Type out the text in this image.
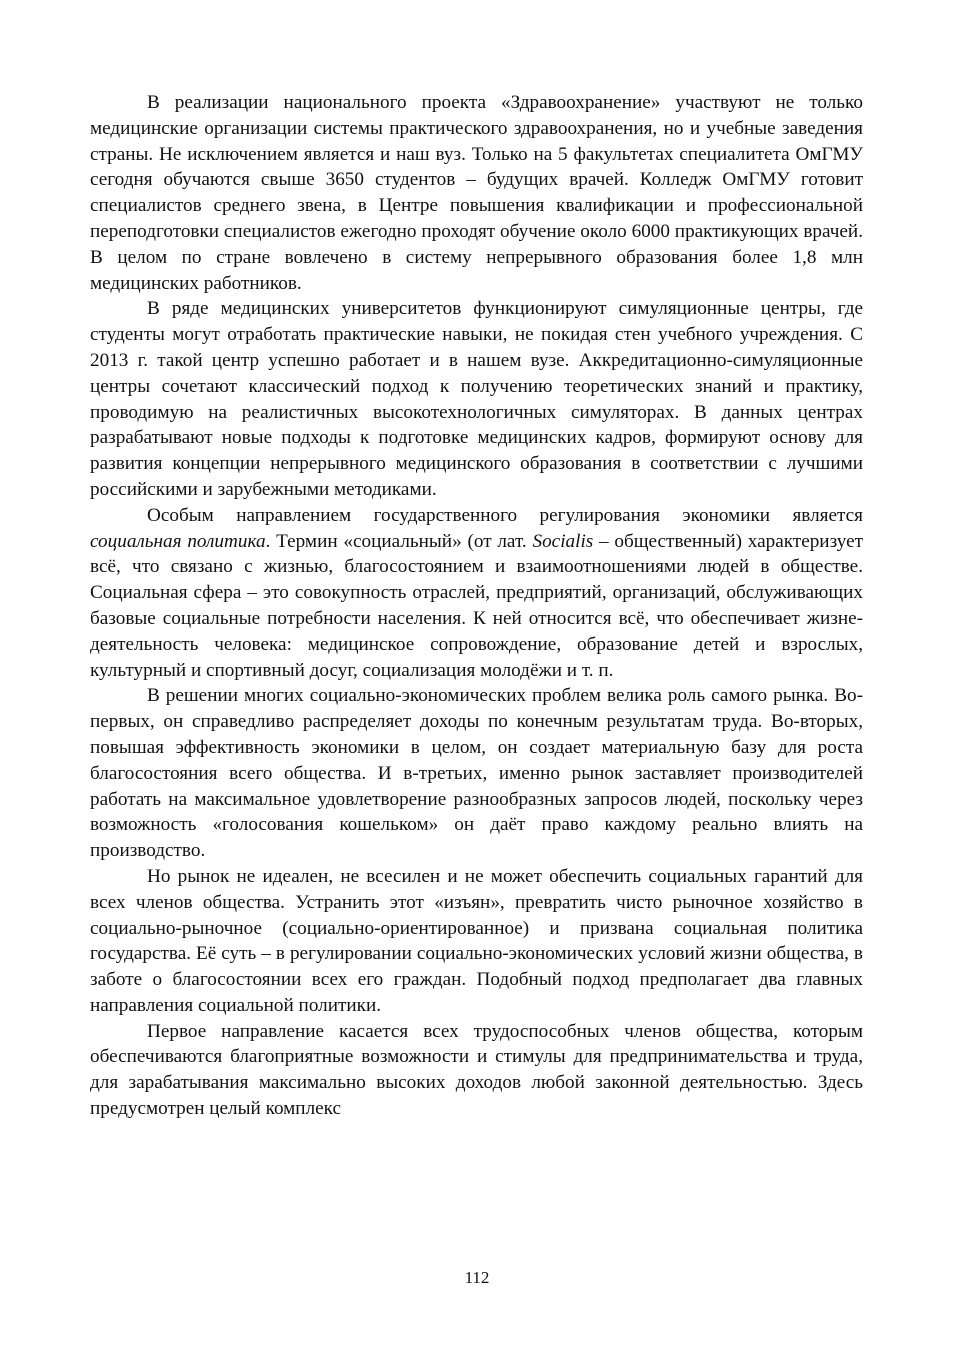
В реализации национального проекта «Здравоохранение» участвуют не только медицинские организации системы практического здравоохранения, но и учебные заведения страны. Не исключением является и наш вуз. Только на 5 факультетах специалитета ОмГМУ сегодня обучаются свыше 3650 студентов – будущих врачей. Колледж ОмГМУ готовит специалистов среднего звена, в Центре повышения квалификации и профессиональной переподготовки специалистов ежегодно проходят обучение около 6000 практикующих врачей. В целом по стране вовлечено в систему непрерывного образования более 1,8 млн медицинских работников.

В ряде медицинских университетов функционируют симуляционные центры, где студенты могут отработать практические навыки, не покидая стен учебного учреждения. С 2013 г. такой центр успешно работает и в нашем вузе. Аккредитационно-симуляционные центры сочетают классический подход к получению теоретических знаний и практику, проводимую на реалистичных высокотехнологичных симуляторах. В данных центрах разрабатывают новые подходы к подготовке медицинских кадров, формируют основу для развития концепции непрерывного медицинского образования в соответствии с лучшими российскими и зарубежными методиками.

Особым направлением государственного регулирования экономики является социальная политика. Термин «социальный» (от лат. Socialis – общественный) характеризует всё, что связано с жизнью, благосостоянием и взаимоотношениями людей в обществе. Социальная сфера – это совокупность отраслей, предприятий, организаций, обслуживающих базовые социальные потребности населения. К ней относится всё, что обеспечивает жизне-деятельность человека: медицинское сопровождение, образование детей и взрослых, культурный и спортивный досуг, социализация молодёжи и т. п.

В решении многих социально-экономических проблем велика роль самого рынка. Во-первых, он справедливо распределяет доходы по конечным результатам труда. Во-вторых, повышая эффективность экономики в целом, он создает материальную базу для роста благосостояния всего общества. И в-третьих, именно рынок заставляет производителей работать на максимальное удовлетворение разнообразных запросов людей, поскольку через возможность «голосования кошельком» он даёт право каждому реально влиять на производство.

Но рынок не идеален, не всесилен и не может обеспечить социальных гарантий для всех членов общества. Устранить этот «изъян», превратить чисто рыночное хозяйство в социально-рыночное (социально-ориентированное) и призвана социальная политика государства. Её суть – в регулировании социально-экономических условий жизни общества, в заботе о благосостоянии всех его граждан. Подобный подход предполагает два главных направления социальной политики.

Первое направление касается всех трудоспособных членов общества, которым обеспечиваются благоприятные возможности и стимулы для предпринимательства и труда, для зарабатывания максимально высоких доходов любой законной деятельностью. Здесь предусмотрен целый комплекс

112
